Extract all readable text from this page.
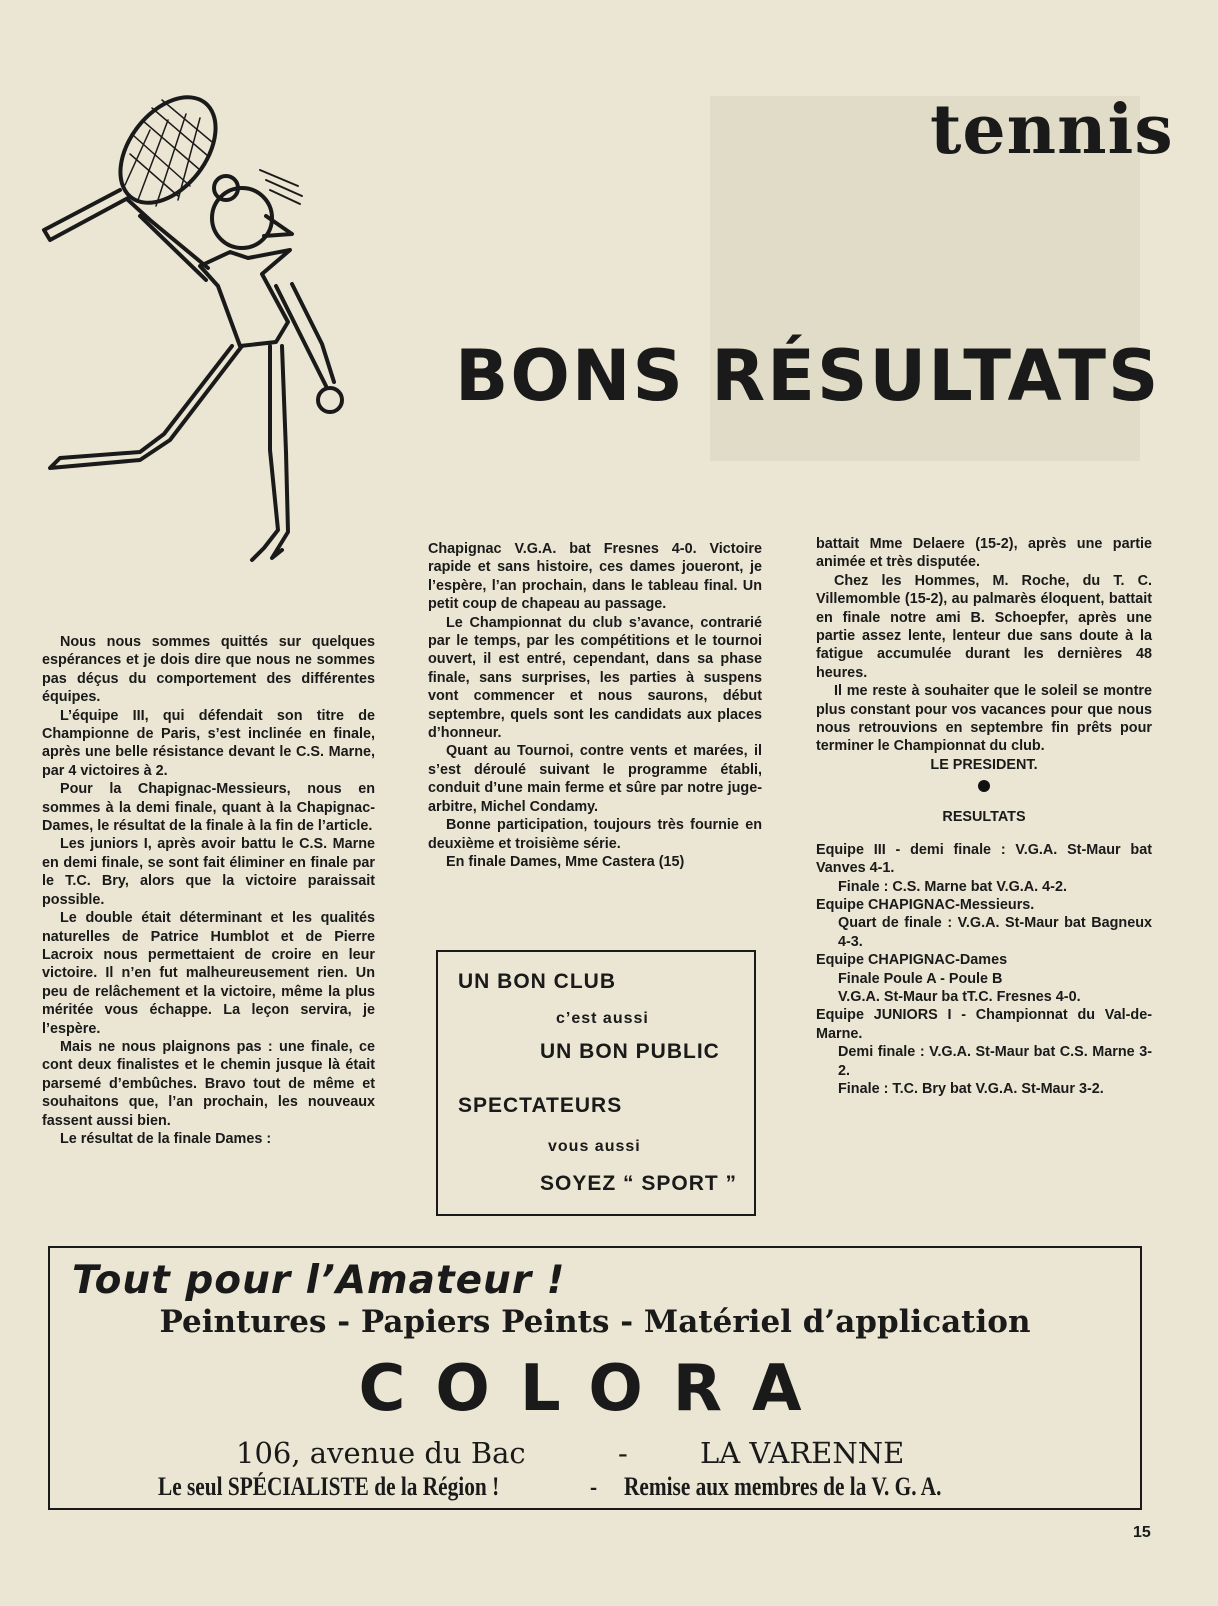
tennis
BONS RÉSULTATS

Nous nous sommes quittés sur quelques espérances et je dois dire que nous ne sommes pas déçus du comportement des différentes équipes.

L’équipe III, qui défendait son titre de Championne de Paris, s’est inclinée en finale, après une belle résistance devant le C.S. Marne, par 4 victoires à 2.

Pour la Chapignac-Messieurs, nous en sommes à la demi finale, quant à la Chapignac-Dames, le résultat de la finale à la fin de l’article.

Les juniors I, après avoir battu le C.S. Marne en demi finale, se sont fait éliminer en finale par le T.C. Bry, alors que la victoire paraissait possible.

Le double était déterminant et les qualités naturelles de Patrice Humblot et de Pierre Lacroix nous permettaient de croire en leur victoire. Il n’en fut malheureusement rien. Un peu de relâchement et la victoire, même la plus méritée vous échappe. La leçon servira, je l’espère.

Mais ne nous plaignons pas : une finale, ce cont deux finalistes et le chemin jusque là était parsemé d’embûches. Bravo tout de même et souhaitons que, l’an prochain, les nouveaux fassent aussi bien.

Le résultat de la finale Dames :

Chapignac V.G.A. bat Fresnes 4-0. Victoire rapide et sans histoire, ces dames joueront, je l’espère, l’an prochain, dans le tableau final. Un petit coup de chapeau au passage.

Le Championnat du club s’avance, contrarié par le temps, par les compétitions et le tournoi ouvert, il est entré, cependant, dans sa phase finale, sans surprises, les parties à suspens vont commencer et nous saurons, début septembre, quels sont les candidats aux places d’honneur.

Quant au Tournoi, contre vents et marées, il s’est déroulé suivant le programme établi, conduit d’une main ferme et sûre par notre juge-arbitre, Michel Condamy.

Bonne participation, toujours très fournie en deuxième et troisième série.

En finale Dames, Mme Castera (15)

UN BON CLUB
c’est aussi
UN BON PUBLIC
SPECTATEURS
vous aussi
SOYEZ “ SPORT ”

battait Mme Delaere (15-2), après une partie animée et très disputée.

Chez les Hommes, M. Roche, du T. C. Villemomble (15-2), au palmarès éloquent, battait en finale notre ami B. Schoepfer, après une partie assez lente, lenteur due sans doute à la fatigue accumulée durant les dernières 48 heures.

Il me reste à souhaiter que le soleil se montre plus constant pour vos vacances pour que nous nous retrouvions en septembre fin prêts pour terminer le Championnat du club.

LE PRESIDENT.

RESULTATS

Equipe III - demi finale : V.G.A. St-Maur bat Vanves 4-1.

Finale : C.S. Marne bat V.G.A. 4-2.

Equipe CHAPIGNAC-Messieurs.

Quart de finale : V.G.A. St-Maur bat Bagneux 4-3.

Equipe CHAPIGNAC-Dames

Finale Poule A - Poule B

V.G.A. St-Maur ba tT.C. Fresnes 4-0.

Equipe JUNIORS I - Championnat du Val-de-Marne.

Demi finale : V.G.A. St-Maur bat C.S. Marne 3-2.

Finale : T.C. Bry bat V.G.A. St-Maur 3-2.

Tout pour l’Amateur !
Peintures - Papiers Peints - Matériel d’application
COLORA
106, avenue du Bac	- LA VARENNE
Le seul SPÉCIALISTE de la Région !	- Remise aux membres de la V. G. A.
15
